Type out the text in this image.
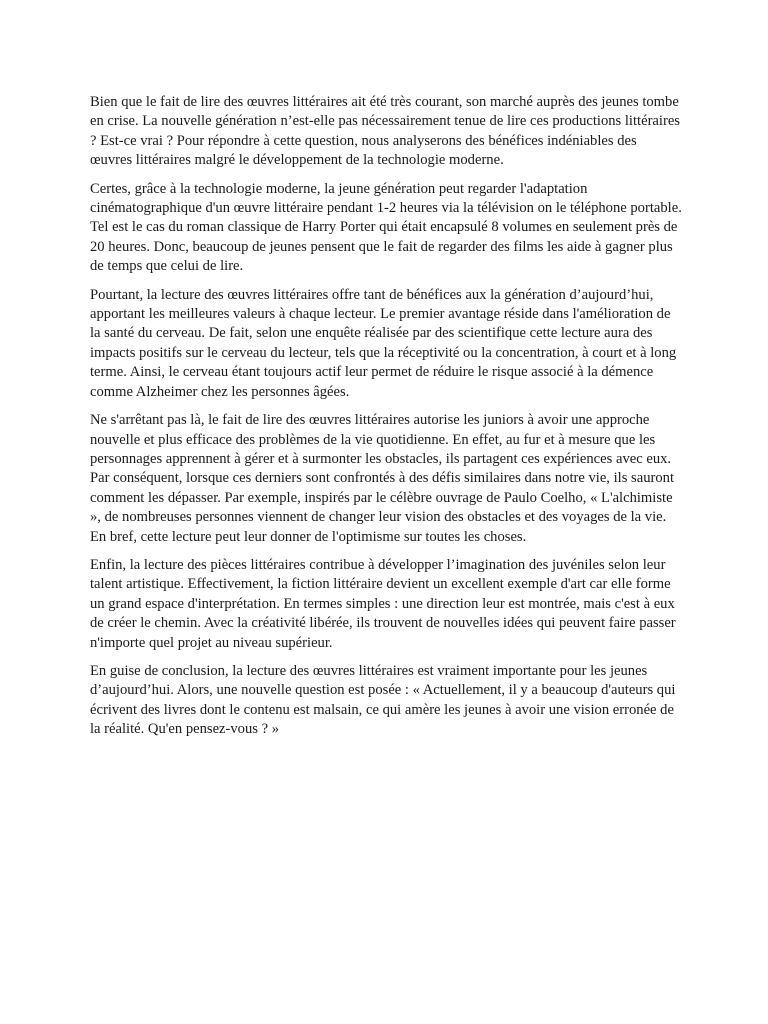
Bien que le fait de lire des œuvres littéraires ait été très courant, son marché auprès des jeunes tombe en crise. La nouvelle génération n’est-elle pas nécessairement tenue de lire ces productions littéraires ? Est-ce vrai ? Pour répondre à cette question, nous analyserons des bénéfices indéniables des œuvres littéraires malgré le développement de la technologie moderne.

Certes, grâce à la technologie moderne, la jeune génération peut regarder l'adaptation cinématographique d'un œuvre littéraire pendant 1-2 heures via la télévision on le téléphone portable. Tel est le cas du roman classique de Harry Porter qui était encapsulé 8 volumes en seulement près de 20 heures. Donc, beaucoup de jeunes pensent que le fait de regarder des films les aide à gagner plus de temps que celui de lire.

Pourtant, la lecture des œuvres littéraires offre tant de bénéfices aux la génération d’aujourd’hui, apportant les meilleures valeurs à chaque lecteur. Le premier avantage réside dans l'amélioration de la santé du cerveau. De fait, selon une enquête réalisée par des scientifique cette lecture aura des impacts positifs sur le cerveau du lecteur, tels que la réceptivité ou la concentration, à court et à long terme. Ainsi, le cerveau étant toujours actif leur permet de réduire le risque associé à la démence comme Alzheimer chez les personnes âgées.

Ne s'arrêtant pas là, le fait de lire des œuvres littéraires autorise les juniors à avoir une approche nouvelle et plus efficace des problèmes de la vie quotidienne. En effet, au fur et à mesure que les personnages apprennent à gérer et à surmonter les obstacles, ils partagent ces expériences avec eux. Par conséquent, lorsque ces derniers sont confrontés à des défis similaires dans notre vie, ils sauront comment les dépasser. Par exemple, inspirés par le célèbre ouvrage de Paulo Coelho, « L'alchimiste », de nombreuses personnes viennent de changer leur vision des obstacles et des voyages de la vie. En bref, cette lecture peut leur donner de l'optimisme sur toutes les choses.

Enfin, la lecture des pièces littéraires contribue à développer l’imagination des juvéniles selon leur talent artistique. Effectivement, la fiction littéraire devient un excellent exemple d'art car elle forme un grand espace d'interprétation. En termes simples : une direction leur est montrée, mais c'est à eux de créer le chemin. Avec la créativité libérée, ils trouvent de nouvelles idées qui peuvent faire passer n'importe quel projet au niveau supérieur.

En guise de conclusion, la lecture des œuvres littéraires est vraiment importante pour les jeunes d’aujourd’hui. Alors, une nouvelle question est posée : « Actuellement, il y a beaucoup d'auteurs qui écrivent des livres dont le contenu est malsain, ce qui amère les jeunes à avoir une vision erronée de la réalité. Qu'en pensez-vous ? »
